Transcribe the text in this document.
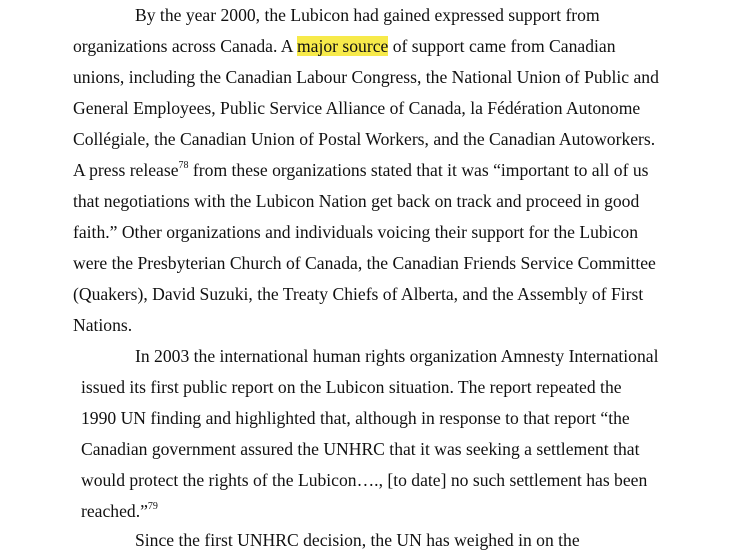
By the year 2000, the Lubicon had gained expressed support from
organizations across Canada. A major source of support came from Canadian
unions, including the Canadian Labour Congress, the National Union of Public and
General Employees, Public Service Alliance of Canada, la Fédération Autonome
Collégiale, the Canadian Union of Postal Workers, and the Canadian Autoworkers.
A press release$^{78}$ from these organizations stated that it was “important to all of us
that negotiations with the Lubicon Nation get back on track and proceed in good
faith.” Other organizations and individuals voicing their support for the Lubicon
were the Presbyterian Church of Canada, the Canadian Friends Service Committee
(Quakers), David Suzuki, the Treaty Chiefs of Alberta, and the Assembly of First
Nations.
In 2003 the international human rights organization Amnesty International
issued its first public report on the Lubicon situation. The report repeated the
1990 UN finding and highlighted that, although in response to that report “the
Canadian government assured the UNHRC that it was seeking a settlement that
would protect the rights of the Lubicon…., [to date] no such settlement has been
reached.”$^{79}$
Since the first UNHRC decision, the UN has weighed in on the
